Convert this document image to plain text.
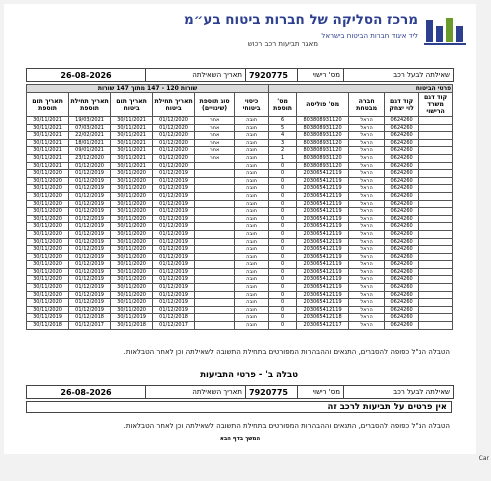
מרכז הסליקה של חברות ביטוח בע״מ
ליד איגוד חברות הביטוח בישראל
מאגר תביעות רכב רכוש
שאילתה לבעל רכב
מס' רישוי
7920775
תאריך השאילתה
26-08-2026
פרטי הביטוח					שורות 120 - 147 מתוך 147 שורות					
קוד דגם משרד הרישוי	קוד דגם לוי יצחק	חברה מבטחת	מס' פוליסה	מס' תוספת	כיסוי ביטוחי	סוג תוספת (שינויים)	תאריך תחילת ביטוח	תאריך תום ביטוח	תאריך תחילת תוספת	תאריך תום תוספת
	0624260	הראל	803808931120	6	חובה	אחר	01/12/2020	30/11/2021	19/03/2021	30/11/2021
	0624260	הראל	803808931120	5	חובה	אחר	01/12/2020	30/11/2021	07/03/2021	30/11/2021
	0624260	הראל	803808931120	4	חובה	אחר	01/12/2020	30/11/2021	22/02/2021	30/11/2021
	0624260	הראל	803808931120	3	חובה	אחר	01/12/2020	30/11/2021	18/01/2021	30/11/2021
	0624260	הראל	803808931120	2	חובה	אחר	01/12/2020	30/11/2021	09/01/2021	30/11/2021
	0624260	הראל	803808931120	1	חובה	אחר	01/12/2020	30/11/2021	23/12/2020	30/11/2021
	0624260	הראל	803808931120	0	חובה		01/12/2020	30/11/2021	01/12/2020	30/11/2021
	0624260	הראל	203065412119	0	חובה		01/12/2019	30/11/2020	01/12/2019	30/11/2020
	0624260	הראל	203065412119	0	חובה		01/12/2019	30/11/2020	01/12/2019	30/11/2020
	0624260	הראל	203065412119	0	חובה		01/12/2019	30/11/2020	01/12/2019	30/11/2020
	0624260	הראל	203065412119	0	חובה		01/12/2019	30/11/2020	01/12/2019	30/11/2020
	0624260	הראל	203065412119	0	חובה		01/12/2019	30/11/2020	01/12/2019	30/11/2020
	0624260	הראל	203065412119	0	חובה		01/12/2019	30/11/2020	01/12/2019	30/11/2020
	0624260	הראל	203065412119	0	חובה		01/12/2019	30/11/2020	01/12/2019	30/11/2020
	0624260	הראל	203065412119	0	חובה		01/12/2019	30/11/2020	01/12/2019	30/11/2020
	0624260	הראל	203065412119	0	חובה		01/12/2019	30/11/2020	01/12/2019	30/11/2020
	0624260	הראל	203065412119	0	חובה		01/12/2019	30/11/2020	01/12/2019	30/11/2020
	0624260	הראל	203065412119	0	חובה		01/12/2019	30/11/2020	01/12/2019	30/11/2020
	0624260	הראל	203065412119	0	חובה		01/12/2019	30/11/2020	01/12/2019	30/11/2020
	0624260	הראל	203065412119	0	חובה		01/12/2019	30/11/2020	01/12/2019	30/11/2020
	0624260	הראל	203065412119	0	חובה		01/12/2019	30/11/2020	01/12/2019	30/11/2020
	0624260	הראל	203065412119	0	חובה		01/12/2019	30/11/2020	01/12/2019	30/11/2020
	0624260	הראל	203065412119	0	חובה		01/12/2019	30/11/2020	01/12/2019	30/11/2020
	0624260	הראל	203065412119	0	חובה		01/12/2019	30/11/2020	01/12/2019	30/11/2020
	0624260	הראל	203065412119	0	חובה		01/12/2019	30/11/2020	01/12/2019	30/11/2020
	0624260	הראל	203065412119	0	חובה		01/12/2019	30/11/2020	01/12/2019	30/11/2020
	0624260	הראל	203065412118	0	חובה		01/12/2018	30/11/2019	01/12/2018	30/11/2019
	0624260	הראל	203065412117	0	חובה		01/12/2017	30/11/2018	01/12/2017	30/11/2018
הטבלה הנ"ל כפופה להסברים, התנאים וההבהרות המפורטים בתחילת התשובה לשאילתה וכן לאחר הטבלאות.
טבלה ב' - פרטי התביעות
שאילתה לבעל רכב
מס' רישוי
7920775
תאריך השאילתה
26-08-2026
אין פרטים על תביעות לרכב זה
הטבלה הנ"ל כפופה להסברים, התנאים וההבהרות המפורטים בתחילת התשובה לשאילתה וכן לאחר הטבלאות.
המשך בדף הבא
Car
